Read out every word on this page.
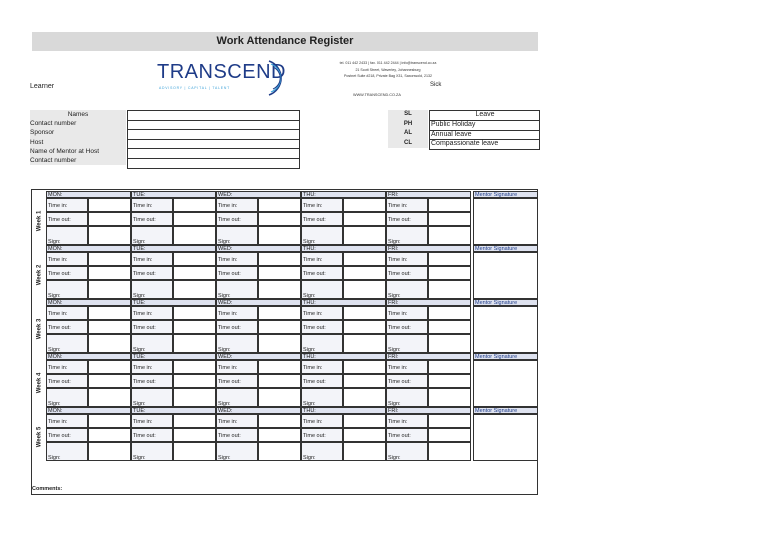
Work Attendance Register
Learner
TRANSCEND
ADVISORY | CAPITAL | TALENT
tel. 011 442 2433 | fax. 011 442 2444 | info@transcend.co.za
21 Scott Street, Waverley, Johannesburg
Postnet Suite #218, Private Bag X31, Saxonwold, 2132
WWW.TRANSCEND.CO.ZA
Sick
Names
Contact number
Sponsor
Host
Name of Mentor at Host
Contact number
SL
PH
AL
CL
Leave
Public Holiday
Annual leave
Compassionate leave
Week 1
MON:
Time in:
Time out:
Sign:
TUE:
Time in:
Time out:
Sign:
WED:
Time in:
Time out:
Sign:
THU:
Time in:
Time out:
Sign:
FRI:
Time in:
Time out:
Sign:
Mentor Signature
Week 2
MON:
Time in:
Time out:
Sign:
TUE:
Time in:
Time out:
Sign:
WED:
Time in:
Time out:
Sign:
THU:
Time in:
Time out:
Sign:
FRI:
Time in:
Time out:
Sign:
Mentor Signature
Week 3
MON:
Time in:
Time out:
Sign:
TUE:
Time in:
Time out:
Sign:
WED:
Time in:
Time out:
Sign:
THU:
Time in:
Time out:
Sign:
FRI:
Time in:
Time out:
Sign:
Mentor Signature
Week 4
MON:
Time in:
Time out:
Sign:
TUE:
Time in:
Time out:
Sign:
WED:
Time in:
Time out:
Sign:
THU:
Time in:
Time out:
Sign:
FRI:
Time in:
Time out:
Sign:
Mentor Signature
Week 5
MON:
Time in:
Time out:
Sign:
TUE:
Time in:
Time out:
Sign:
WED:
Time in:
Time out:
Sign:
THU:
Time in:
Time out:
Sign:
FRI:
Time in:
Time out:
Sign:
Mentor Signature
Comments:
